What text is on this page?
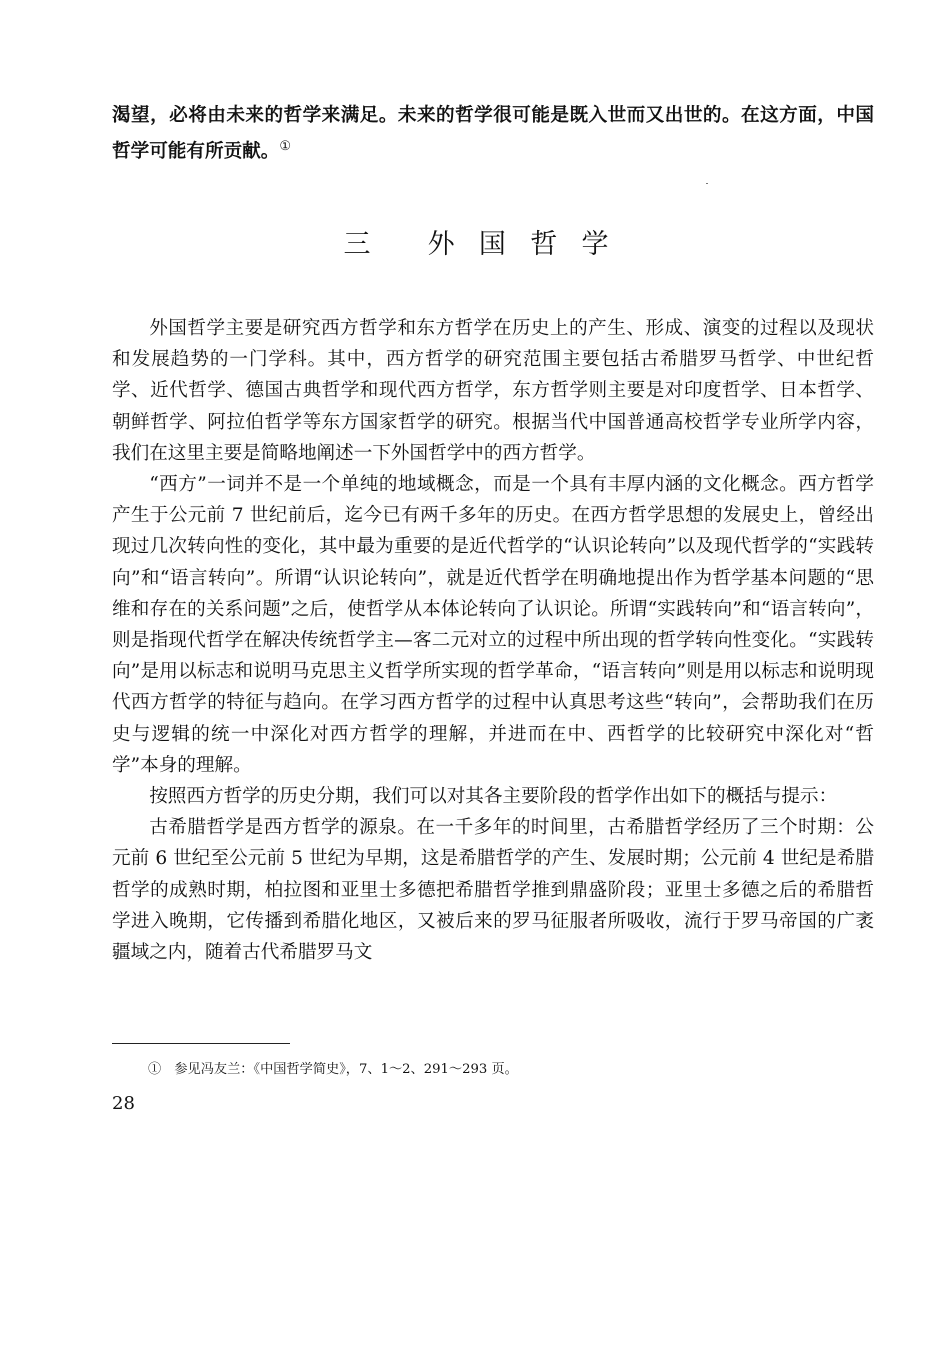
渴望，必将由未来的哲学来满足。未来的哲学很可能是既入世而又出世的。在这方面，中国哲学可能有所贡献。①
三 外国哲学

外国哲学主要是研究西方哲学和东方哲学在历史上的产生、形成、演变的过程以及现状和发展趋势的一门学科。其中，西方哲学的研究范围主要包括古希腊罗马哲学、中世纪哲学、近代哲学、德国古典哲学和现代西方哲学，东方哲学则主要是对印度哲学、日本哲学、朝鲜哲学、阿拉伯哲学等东方国家哲学的研究。根据当代中国普通高校哲学专业所学内容，我们在这里主要是简略地阐述一下外国哲学中的西方哲学。

“西方”一词并不是一个单纯的地域概念，而是一个具有丰厚内涵的文化概念。西方哲学产生于公元前 7 世纪前后，迄今已有两千多年的历史。在西方哲学思想的发展史上，曾经出现过几次转向性的变化，其中最为重要的是近代哲学的“认识论转向”以及现代哲学的“实践转向”和“语言转向”。所谓“认识论转向”，就是近代哲学在明确地提出作为哲学基本问题的“思维和存在的关系问题”之后，使哲学从本体论转向了认识论。所谓“实践转向”和“语言转向”，则是指现代哲学在解决传统哲学主—客二元对立的过程中所出现的哲学转向性变化。“实践转向”是用以标志和说明马克思主义哲学所实现的哲学革命，“语言转向”则是用以标志和说明现代西方哲学的特征与趋向。在学习西方哲学的过程中认真思考这些“转向”，会帮助我们在历史与逻辑的统一中深化对西方哲学的理解，并进而在中、西哲学的比较研究中深化对“哲学”本身的理解。

按照西方哲学的历史分期，我们可以对其各主要阶段的哲学作出如下的概括与提示：

古希腊哲学是西方哲学的源泉。在一千多年的时间里，古希腊哲学经历了三个时期：公元前 6 世纪至公元前 5 世纪为早期，这是希腊哲学的产生、发展时期；公元前 4 世纪是希腊哲学的成熟时期，柏拉图和亚里士多德把希腊哲学推到鼎盛阶段；亚里士多德之后的希腊哲学进入晚期，它传播到希腊化地区，又被后来的罗马征服者所吸收，流行于罗马帝国的广袤疆域之内，随着古代希腊罗马文

①　参见冯友兰：《中国哲学简史》，7、1～2、291～293 页。
28
